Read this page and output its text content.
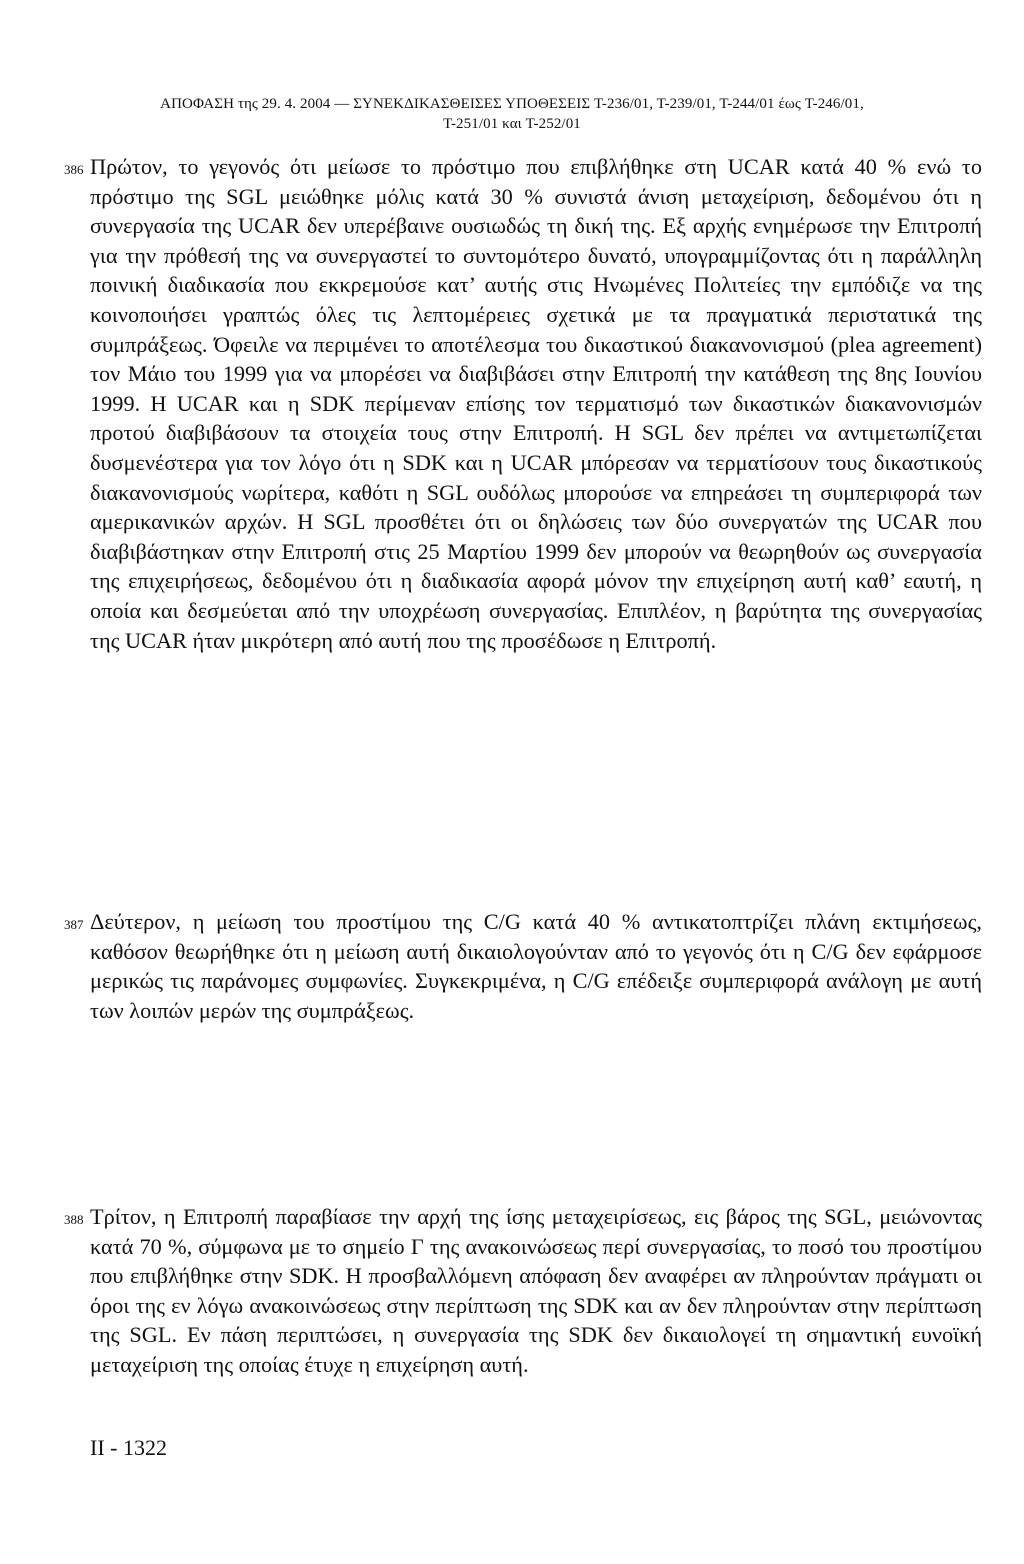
ΑΠΟΦΑΣΗ της 29. 4. 2004 — ΣΥΝΕΚΔΙΚΑΣΘΕΙΣΕΣ ΥΠΟΘΕΣΕΙΣ T-236/01, T-239/01, T-244/01 έως T-246/01,
T-251/01 και T-252/01
386 Πρώτον, το γεγονός ότι μείωσε το πρόστιμο που επιβλήθηκε στη UCAR κατά 40 % ενώ το πρόστιμο της SGL μειώθηκε μόλις κατά 30 % συνιστά άνιση μεταχείριση, δεδομένου ότι η συνεργασία της UCAR δεν υπερέβαινε ουσιωδώς τη δική της. Εξ αρχής ενημέρωσε την Επιτροπή για την πρόθεσή της να συνεργαστεί το συντομότερο δυνατό, υπογραμμίζοντας ότι η παράλληλη ποινική διαδικασία που εκκρεμούσε κατ’ αυτής στις Ηνωμένες Πολιτείες την εμπόδιζε να της κοινοποιήσει γραπτώς όλες τις λεπτομέρειες σχετικά με τα πραγματικά περιστατικά της συμπράξεως. Όφειλε να περιμένει το αποτέλεσμα του δικαστικού διακανονισμού (plea agreement) τον Μάιο του 1999 για να μπορέσει να διαβιβάσει στην Επιτροπή την κατάθεση της 8ης Ιουνίου 1999. Η UCAR και η SDK περίμεναν επίσης τον τερματισμό των δικαστικών διακανονισμών προτού διαβιβάσουν τα στοιχεία τους στην Επιτροπή. Η SGL δεν πρέπει να αντιμετωπίζεται δυσμενέστερα για τον λόγο ότι η SDK και η UCAR μπόρεσαν να τερματίσουν τους δικαστικούς διακανονισμούς νωρίτερα, καθότι η SGL ουδόλως μπορούσε να επηρεάσει τη συμπεριφορά των αμερικανικών αρχών. Η SGL προσθέτει ότι οι δηλώσεις των δύο συνεργατών της UCAR που διαβιβάστηκαν στην Επιτροπή στις 25 Μαρτίου 1999 δεν μπορούν να θεωρηθούν ως συνεργασία της επιχειρήσεως, δεδομένου ότι η διαδικασία αφορά μόνον την επιχείρηση αυτή καθ’ εαυτή, η οποία και δεσμεύεται από την υποχρέωση συνεργασίας. Επιπλέον, η βαρύτητα της συνεργασίας της UCAR ήταν μικρότερη από αυτή που της προσέδωσε η Επιτροπή.
387 Δεύτερον, η μείωση του προστίμου της C/G κατά 40 % αντικατοπτρίζει πλάνη εκτιμήσεως, καθόσον θεωρήθηκε ότι η μείωση αυτή δικαιολογούνταν από το γεγονός ότι η C/G δεν εφάρμοσε μερικώς τις παράνομες συμφωνίες. Συγκεκριμένα, η C/G επέδειξε συμπεριφορά ανάλογη με αυτή των λοιπών μερών της συμπράξεως.
388 Τρίτον, η Επιτροπή παραβίασε την αρχή της ίσης μεταχειρίσεως, εις βάρος της SGL, μειώνοντας κατά 70 %, σύμφωνα με το σημείο Γ της ανακοινώσεως περί συνεργασίας, το ποσό του προστίμου που επιβλήθηκε στην SDK. Η προσβαλλόμενη απόφαση δεν αναφέρει αν πληρούνταν πράγματι οι όροι της εν λόγω ανακοινώσεως στην περίπτωση της SDK και αν δεν πληρούνταν στην περίπτωση της SGL. Εν πάση περιπτώσει, η συνεργασία της SDK δεν δικαιολογεί τη σημαντική ευνοϊκή μεταχείριση της οποίας έτυχε η επιχείρηση αυτή.
II - 1322
